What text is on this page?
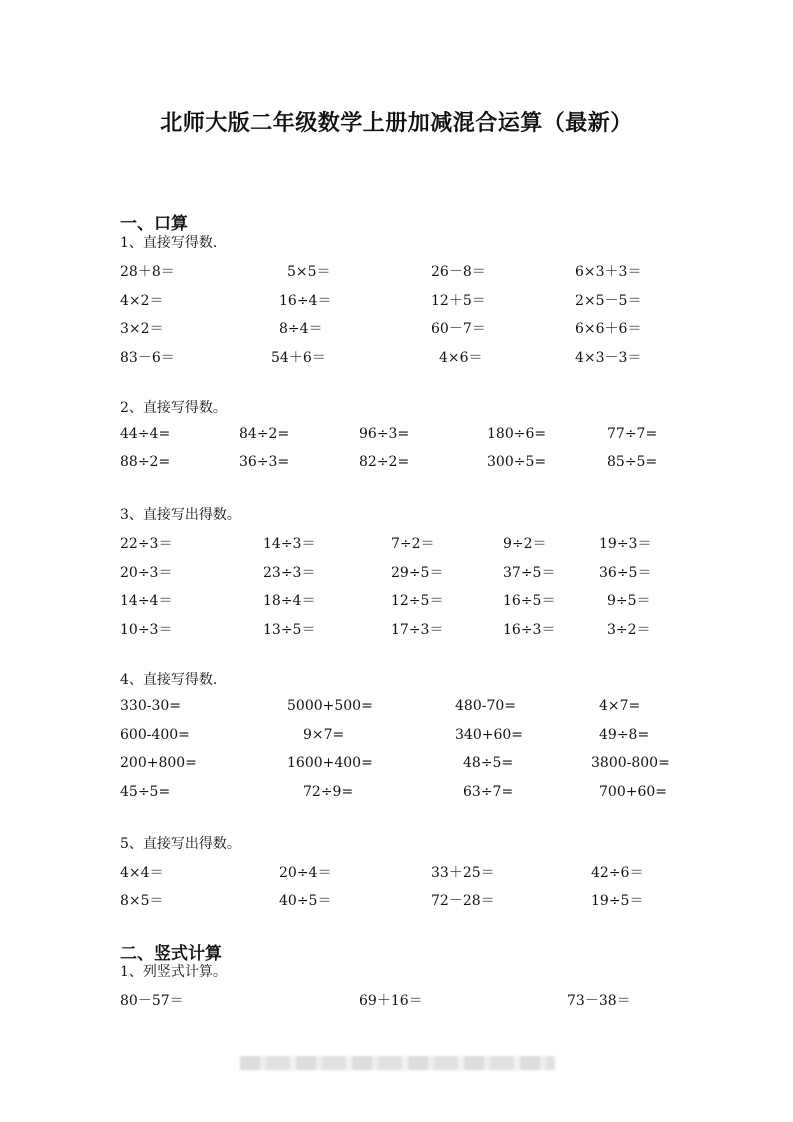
北师大版二年级数学上册加减混合运算（最新）
一、口算
1、直接写得数.
28＋8＝	5×5＝	26－8＝	6×3＋3＝
4×2＝	16÷4＝	12＋5＝	2×5－5＝
3×2＝	8÷4＝	60－7＝	6×6＋6＝
83－6＝	54＋6＝	4×6＝	4×3－3＝
2、直接写得数。
44÷4=	84÷2=	96÷3=	180÷6=	77÷7=
88÷2=	36÷3=	82÷2=	300÷5=	85÷5=
3、直接写出得数。
22÷3＝	14÷3＝	7÷2＝	9÷2＝	19÷3＝
20÷3＝	23÷3＝	29÷5＝	37÷5＝	36÷5＝
14÷4＝	18÷4＝	12÷5＝	16÷5＝	9÷5＝
10÷3＝	13÷5＝	17÷3＝	16÷3＝	3÷2＝
4、直接写得数.
330-30=	5000+500=	480-70=	4×7=
600-400=	9×7=	340+60=	49÷8=
200+800=	1600+400=	48÷5=	3800-800=
45÷5=	72÷9=	63÷7=	700+60=
5、直接写出得数。
4×4＝	20÷4＝	33＋25＝	42÷6＝
8×5＝	40÷5＝	72－28＝	19÷5＝
二、竖式计算
1、列竖式计算。
80－57＝	69＋16＝	73－38＝
